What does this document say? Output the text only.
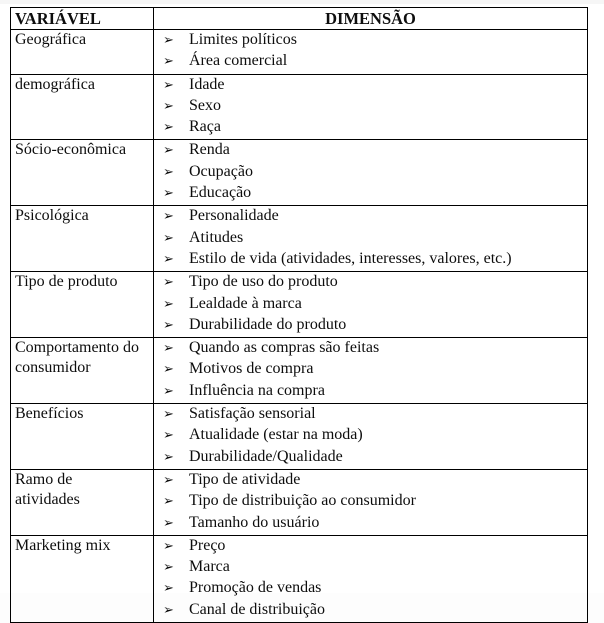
VARIÁVEL	DIMENSÃO
Geográfica	➢ Limites políticos
➢ Área comercial

demográfica	➢ Idade
➢ Sexo
➢ Raça

Sócio-econômica	➢ Renda
➢ Ocupação
➢ Educação

Psicológica	➢ Personalidade
➢ Atitudes
➢ Estilo de vida (atividades, interesses, valores, etc.)

Tipo de produto	➢ Tipo de uso do produto
➢ Lealdade à marca
➢ Durabilidade do produto

Comportamento do consumidor	
➢ Quando as compras são feitas
➢ Motivos de compra
➢ Influência na compra

Benefícios	➢ Satisfação sensorial
➢ Atualidade (estar na moda)
➢ Durabilidade/Qualidade

Ramo de atividades	
➢ Tipo de atividade
➢ Tipo de distribuição ao consumidor
➢ Tamanho do usuário

Marketing mix	➢ Preço
➢ Marca
➢ Promoção de vendas
➢ Canal de distribuição
